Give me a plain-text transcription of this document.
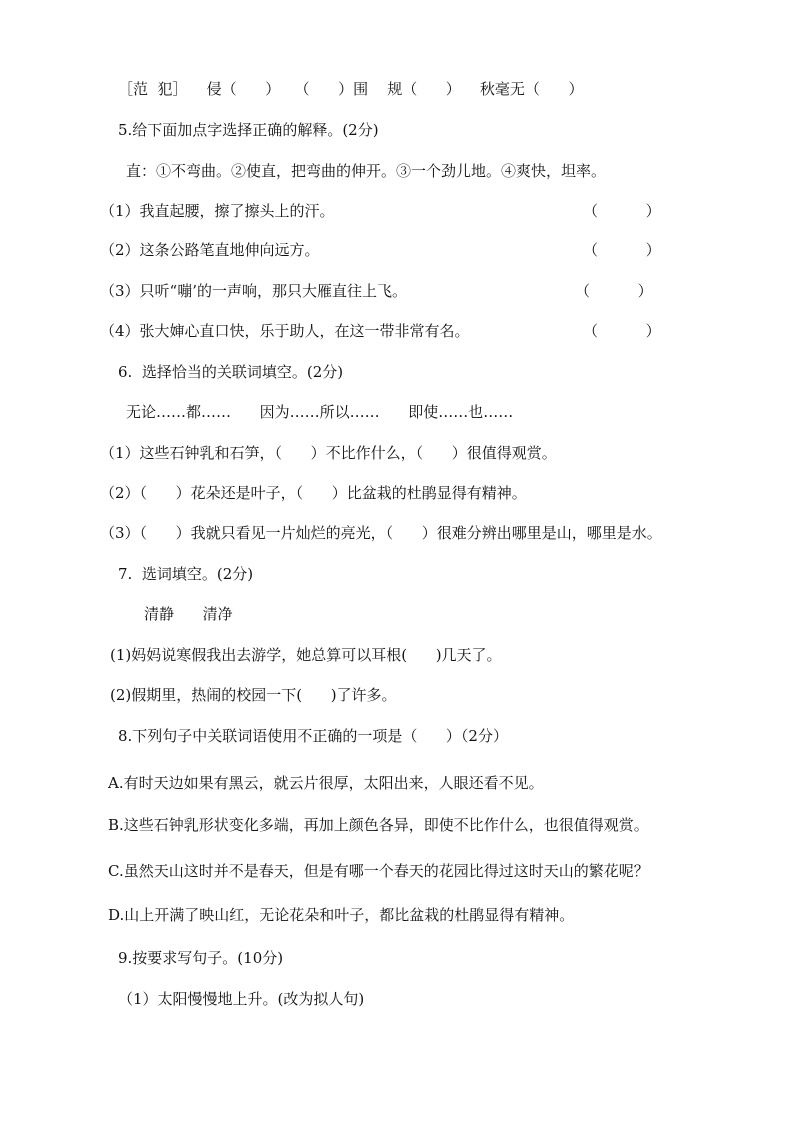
［范  犯］    侵（      ）   （      ）围    规（      ）    秋毫无（      ）
5.给下面加点字选择正确的解释。(2分)
直：①不弯曲。②使直，把弯曲的伸开。③一个劲儿地。④爽快，坦率。
（1）我直起腰，擦了擦头上的汗。	（          ）
（2）这条公路笔直地伸向远方。	（          ）
（3）只听“嘣’的一声响，那只大雁直往上飞。	（          ）
（4）张大婶心直口快，乐于助人，在这一带非常有名。	（          ）
6.  选择恰当的关联词填空。(2分)
无论……都……      因为……所以……      即使……也……
（1）这些石钟乳和石笋，（      ）不比作什么，（      ）很值得观赏。
（2）（      ）花朵还是叶子，（      ）比盆栽的杜鹃显得有精神。
（3）（      ）我就只看见一片灿烂的亮光，（      ）很难分辨出哪里是山，哪里是水。
7.  选词填空。(2分)
清静      清净
(1)妈妈说寒假我出去游学，她总算可以耳根(      )几天了。
(2)假期里，热闹的校园一下(      )了许多。
8.下列句子中关联词语使用不正确的一项是（      ）（2分）
A.有时天边如果有黑云，就云片很厚，太阳出来，人眼还看不见。
B.这些石钟乳形状变化多端，再加上颜色各异，即使不比作什么，也很值得观赏。
C.虽然天山这时并不是春天，但是有哪一个春天的花园比得过这时天山的繁花呢？
D.山上开满了映山红，无论花朵和叶子，都比盆栽的杜鹃显得有精神。
9.按要求写句子。(10分)
（1）太阳慢慢地上升。(改为拟人句)
